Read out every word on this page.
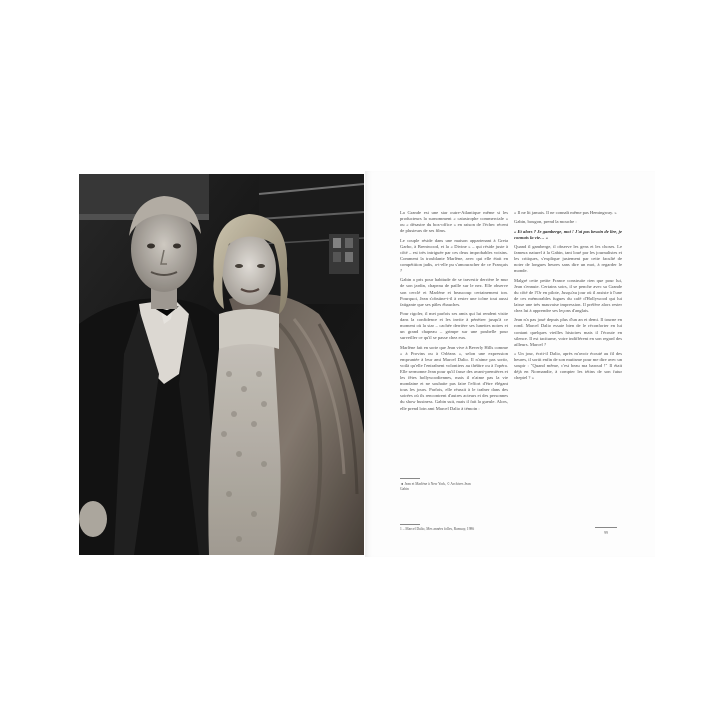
La Grande est une star outre-Atlantique même si les producteurs la surnomment « catastrophe commerciale » ou « désastre du box-office » en raison de l'échec récent de plusieurs de ses films.

Le couple réside dans une maison appartenant à Greta Garbo, à Brentwood, et la « Divine » – qui réside juste à côté – est très intriguée par ces deux improbables voisins. Comment la troublante Marlène, avec qui elle était en compétition jadis, a-t-elle pu s'amouracher de ce Français ?

Gabin a pris pour habitude de se travestir derrière le mur de son jardin, chapeau de paille sur le nez. Elle observe son cerclé et Marlène et beaucoup certainement ton. Pourquoi, Jean s'obstine-t-il à rester une icône tout aussi fatigante que ses pâles ébauches.

Pour rigoler, il met parfois ses amis qui lui rendent visite dans la confidence et les invite à pénétrer jusqu'à ce moment où la star – cachée derrière ses lunettes noires et un grand chapeau – grimpe sur une poubelle pour surveiller ce qu'il se passe chez eux.

Marlène fait en sorte que Jean vive à Beverly Hills comme « à Provins ou à Orléans », selon une expression empruntée à leur ami Marcel Dalio. Il n'aime pas sortir, voilà qu'elle l'entraînent volontiers au théâtre ou à l'opéra. Elle sermonne Jean pour qu'il fasse des avant-premières et les fêtes hollywoodiennes, mais il n'aime pas la vie mondaine et ne souhaite pas faire l'effort d'être élégant tous les jours. Parfois, elle réussit à le traîner dans des soirées où ils rencontrent d'autres acteurs et des personnes du show business. Gabin suit, mais il fait la gueule. Alors, elle prend loin ami Marcel Dalio à témoin :

« Il ne lit jamais. Il ne connaît même pas Hemingway. »

Gabin, bougon, prend la mouche :

« Et alors ? Je gamberge, moi ! J'ai pas besoin de lire, je connais la vie… »

Quand il gamberge, il observe les gens et les choses. Le fameux naturel à la Gabin, tant loué par les journalistes et les critiques, s'explique justement par cette faculté de noter de longues heures sans dire un mot, à regarder le monde.

Malgré cette petite France construite rien que pour lui, Jean s'ennuie. Certains soirs, il se penche avec sa Grande du côté de l'Or en pilote, Jusqu'au jour où il assiste à l'une de ces mémorables fugues du café d'Hollywood qui lui laisse une très mauvaise impression. Il préfère alors rester chez lui à apprendre ses leçons d'anglais.

Jean n'a pas joué depuis plus d'un an et demi. Il tourne en rond. Marcel Dalio essaie bien de le réconforter en lui contant quelques vieilles histoires mais il l'écoute en silence. Il est taciturne, voire indifférent en son regard des ailleurs. Marcel ?

« Un jour, écrit-il Dalio, après m'avoir écouté au fil des heures, il sortit enfin de son mutisme pour me dire avec un soupir : "Quand même, c'est beau ma baroud !" Il était déjà en Normandie, à compter les tétins de son futur cheptel ? »

◄ Jean et Marlène à New York, © Archives Jean Gabin
1 – Marcel Dalio, Mes années folles, Ramsay, 1986
99
